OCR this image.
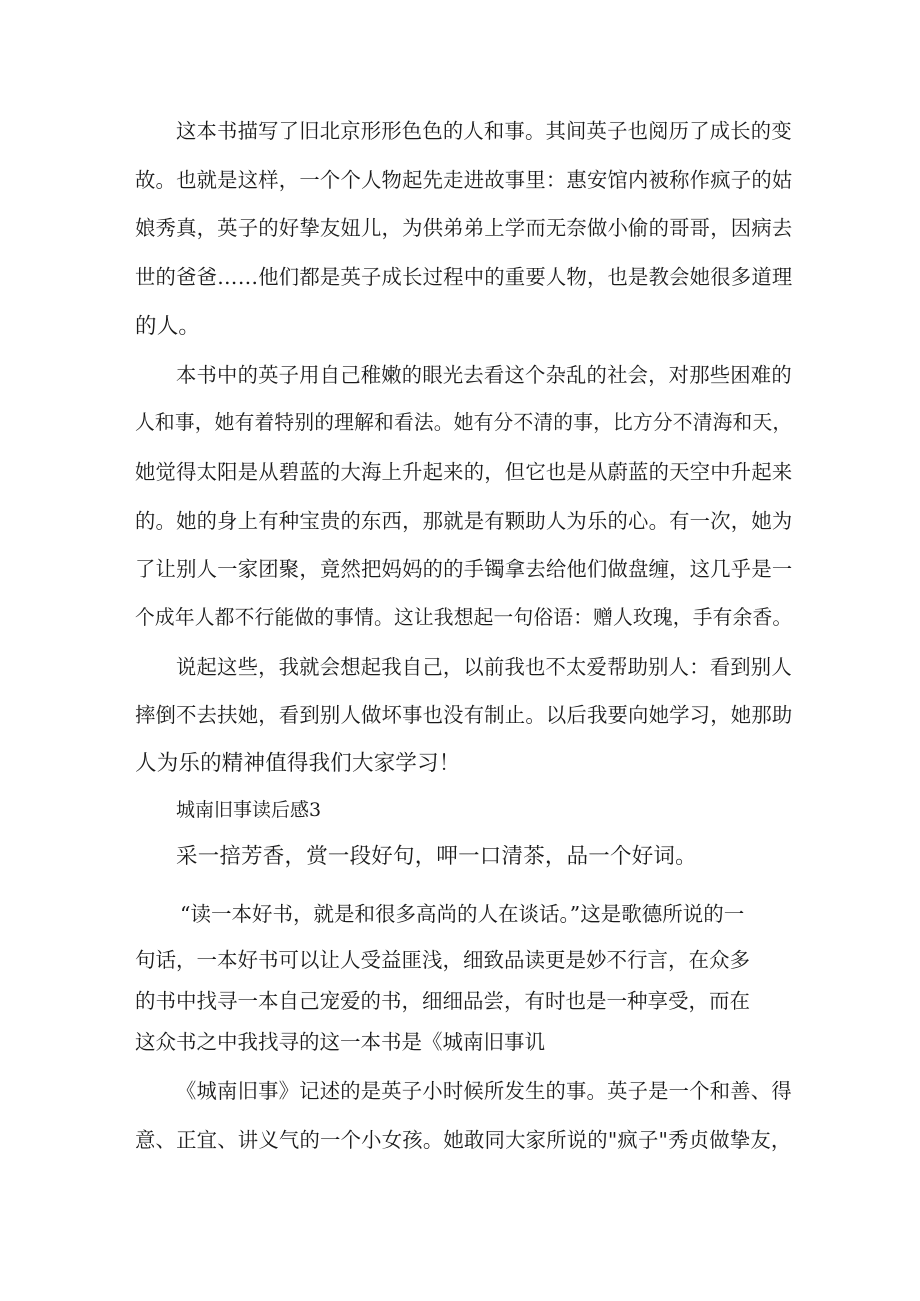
这本书描写了旧北京形形色色的人和事。其间英子也阅历了成长的变
故。也就是这样，一个个人物起先走进故事里：惠安馆内被称作疯子的姑
娘秀真，英子的好挚友妞儿，为供弟弟上学而无奈做小偷的哥哥，因病去
世的爸爸……他们都是英子成长过程中的重要人物，也是教会她很多道理
的人。
本书中的英子用自己稚嫩的眼光去看这个杂乱的社会，对那些困难的
人和事，她有着特别的理解和看法。她有分不清的事，比方分不清海和天，
她觉得太阳是从碧蓝的大海上升起来的，但它也是从蔚蓝的天空中升起来
的。她的身上有种宝贵的东西，那就是有颗助人为乐的心。有一次，她为
了让别人一家团聚，竟然把妈妈的的手镯拿去给他们做盘缠，这几乎是一
个成年人都不行能做的事情。这让我想起一句俗语：赠人玫瑰，手有余香。
说起这些，我就会想起我自己，以前我也不太爱帮助别人：看到别人
摔倒不去扶她，看到别人做坏事也没有制止。以后我要向她学习，她那助
人为乐的精神值得我们大家学习！
城南旧事读后感3
采一掊芳香，赏一段好句，呷一口清茶，品一个好词。
“读一本好书，就是和很多高尚的人在谈话。”这是歌德所说的一
句话，一本好书可以让人受益匪浅，细致品读更是妙不行言，在众多
的书中找寻一本自己宠爱的书，细细品尝，有时也是一种享受，而在
这众书之中我找寻的这一本书是《城南旧事讥
《城南旧事》记述的是英子小时候所发生的事。英子是一个和善、得
意、正宜、讲义气的一个小女孩。她敢同大家所说的"疯子"秀贞做挚友，
